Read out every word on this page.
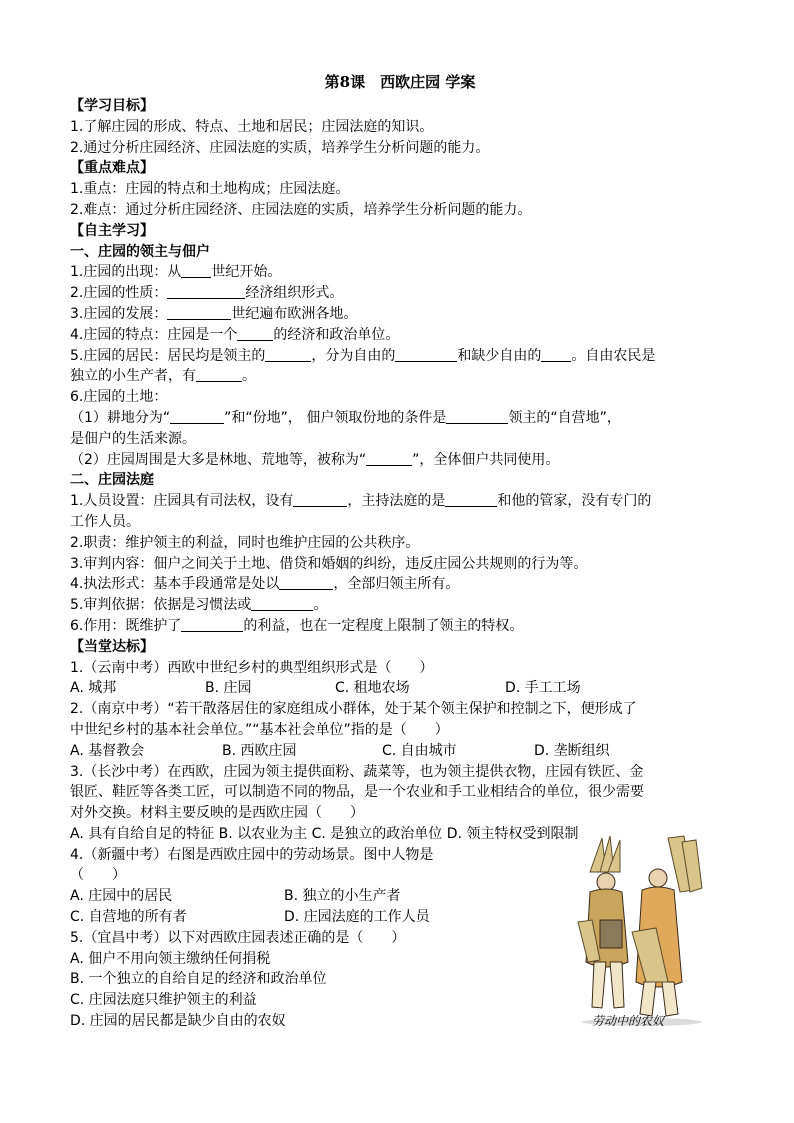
第8课　西欧庄园 学案
【学习目标】
1.了解庄园的形成、特点、土地和居民；庄园法庭的知识。
2.通过分析庄园经济、庄园法庭的实质，培养学生分析问题的能力。
【重点难点】
1.重点：庄园的特点和土地构成；庄园法庭。
2.难点：通过分析庄园经济、庄园法庭的实质，培养学生分析问题的能力。
【自主学习】
一、庄园的领主与佃户
1.庄园的出现：从 世纪开始。
2.庄园的性质：	经济组织形式。
3.庄园的发展：	世纪遍布欧洲各地。
4.庄园的特点：庄园是一个	的经济和政治单位。
5.庄园的居民：居民均是领主的	，分为自由的	和缺少自由的 。自由农民是
独立的小生产者，有	。
6.庄园的土地：
（1）耕地分为“	”和“份地”， 佃户领取份地的条件是	领主的“自营地”，
是佃户的生活来源。
（2）庄园周围是大多是林地、荒地等，被称为“	”，全体佃户共同使用。
二、庄园法庭
1.人员设置：庄园具有司法权，设有	，主持法庭的是	和他的管家，没有专门的
工作人员。
2.职责：维护领主的利益，同时也维护庄园的公共秩序。
3.审判内容：佃户之间关于土地、借贷和婚姻的纠纷，违反庄园公共规则的行为等。
4.执法形式：基本手段通常是处以	，全部归领主所有。
5.审判依据：依据是习惯法或	。
6.作用：既维护了	的利益，也在一定程度上限制了领主的特权。
【当堂达标】
1.（云南中考）西欧中世纪乡村的典型组织形式是（　　）
A. 城邦	B. 庄园	C. 租地农场	D. 手工工场
2.（南京中考）“若干散落居住的家庭组成小群体，处于某个领主保护和控制之下，便形成了
中世纪乡村的基本社会单位。”“基本社会单位”指的是（　　）
A. 基督教会	B. 西欧庄园	C. 自由城市	D. 垄断组织
3.（长沙中考）在西欧，庄园为领主提供面粉、蔬菜等，也为领主提供衣物，庄园有铁匠、金
银匠、鞋匠等各类工匠，可以制造不同的物品，是一个农业和手工业相结合的单位，很少需要
对外交换。材料主要反映的是西欧庄园（　　）
A. 具有自给自足的特征 B. 以农业为主 C. 是独立的政治单位 D. 领主特权受到限制
4.（新疆中考）右图是西欧庄园中的劳动场景。图中人物是
（　　）
A. 庄园中的居民	B. 独立的小生产者
C. 自营地的所有者	D. 庄园法庭的工作人员
5.（宜昌中考）以下对西欧庄园表述正确的是（　　）
A. 佃户不用向领主缴纳任何捐税
B. 一个独立的自给自足的经济和政治单位
C. 庄园法庭只维护领主的利益
D. 庄园的居民都是缺少自由的农奴	劳动中的农奴
